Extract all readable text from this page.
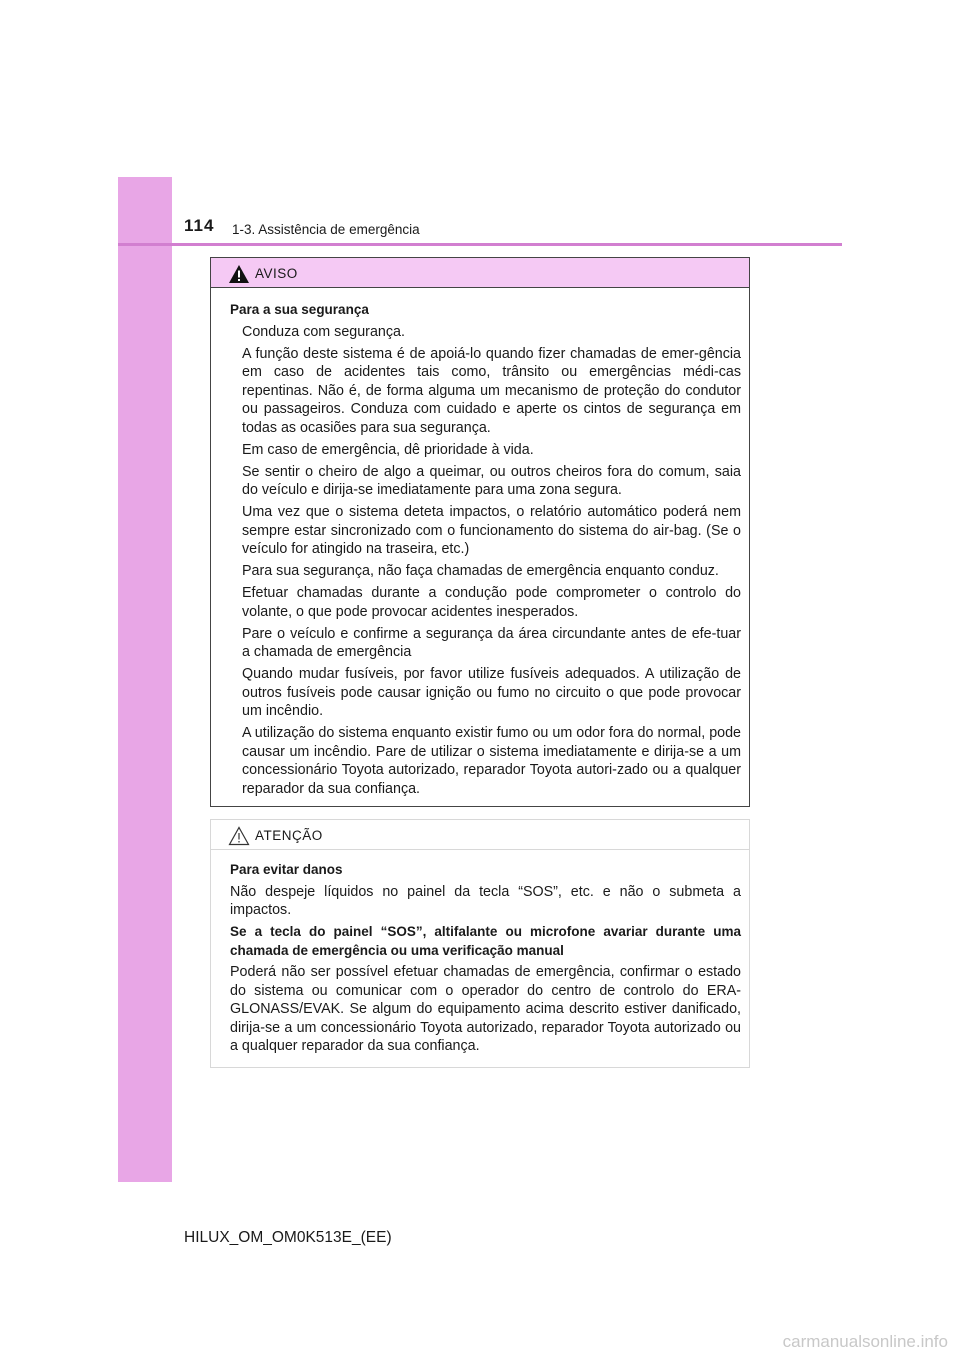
114 1-3. Assistência de emergência
AVISO

Para a sua segurança

Conduza com segurança.

A função deste sistema é de apoiá-lo quando fizer chamadas de emer-gência em caso de acidentes tais como, trânsito ou emergências médi-cas repentinas. Não é, de forma alguma um mecanismo de proteção do condutor ou passageiros. Conduza com cuidado e aperte os cintos de segurança em todas as ocasiões para sua segurança.

Em caso de emergência, dê prioridade à vida.

Se sentir o cheiro de algo a queimar, ou outros cheiros fora do comum, saia do veículo e dirija-se imediatamente para uma zona segura.

Uma vez que o sistema deteta impactos, o relatório automático poderá nem sempre estar sincronizado com o funcionamento do sistema do air-bag. (Se o veículo for atingido na traseira, etc.)

Para sua segurança, não faça chamadas de emergência enquanto conduz.

Efetuar chamadas durante a condução pode comprometer o controlo do volante, o que pode provocar acidentes inesperados.

Pare o veículo e confirme a segurança da área circundante antes de efe-tuar a chamada de emergência

Quando mudar fusíveis, por favor utilize fusíveis adequados. A utilização de outros fusíveis pode causar ignição ou fumo no circuito o que pode provocar um incêndio.

A utilização do sistema enquanto existir fumo ou um odor fora do normal, pode causar um incêndio. Pare de utilizar o sistema imediatamente e dirija-se a um concessionário Toyota autorizado, reparador Toyota autori-zado ou a qualquer reparador da sua confiança.

ATENÇÃO

Para evitar danos

Não despeje líquidos no painel da tecla “SOS”, etc. e não o submeta a impactos.

Se a tecla do painel “SOS”, altifalante ou microfone avariar durante uma chamada de emergência ou uma verificação manual

Poderá não ser possível efetuar chamadas de emergência, confirmar o estado do sistema ou comunicar com o operador do centro de controlo do ERA-GLONASS/EVAK. Se algum do equipamento acima descrito estiver danificado, dirija-se a um concessionário Toyota autorizado, reparador Toyota autorizado ou a qualquer reparador da sua confiança.

HILUX_OM_OM0K513E_(EE)
carmanualsonline.info
